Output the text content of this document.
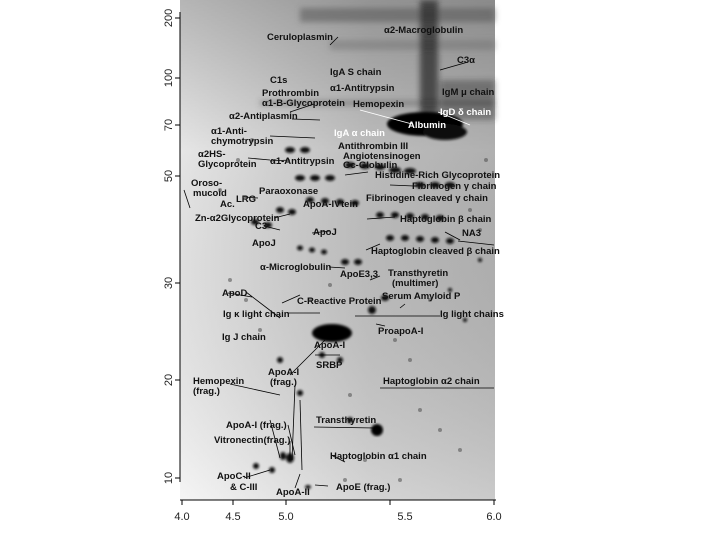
200
100
70
50
30
20
10
4.0	4.5	5.0	5.5	6.0
α2-Macroglobulin
Ceruloplasmin
C3α
IgA S chain
C1s
α1-Antitrypsin	IgM μ chain
Prothrombin
α1-B-Glycoprotein Hemopexin
IgD δ chain
α2-Antiplasmin
Albumin
α1-Anti-
chymotrypsin
IgA α chain
Antithrombin III
α2HS-
Glycoprotein α1-Antitrypsin Angiotensinogen
Gc-Globulin
Histidine-Rich Glycoprotein
Oroso-
mucoid
Fibrinogen γ chain
LRG
Paraoxonase
Ac.
Fibrinogen cleaved γ chain
ApoA-IV tein
Zn-α2Glycoprotein	Haptoglobin β chain
C3
ApoJ	NA3
ApoJ
Haptoglobin cleaved β chain
α-Microglobulin
ApoE3,3 Transthyretin
(multimer)
ApoD	Serum Amyloid P
C-Reactive Protein
Ig κ light chain	Ig light chains
ProapoA-I
Ig J chain
ApoA-I
SRBP
ApoA-I
(frag.)
Hemopexin
(frag.)
Haptoglobin α2 chain
Transthyretin
ApoA-I (frag.)
Vitronectin(frag.)
Haptoglobin α1 chain
ApoC-II
& C-III	ApoE (frag.)
ApoA-II
